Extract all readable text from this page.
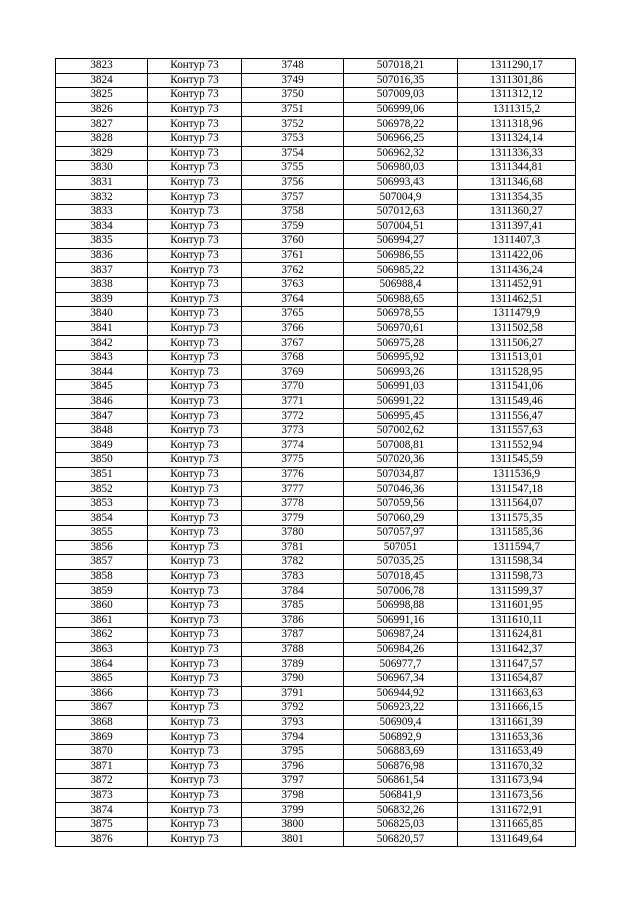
3823	Контур 73	3748	507018,21	1311290,17
3824	Контур 73	3749	507016,35	1311301,86
3825	Контур 73	3750	507009,03	1311312,12
3826	Контур 73	3751	506999,06	1311315,2
3827	Контур 73	3752	506978,22	1311318,96
3828	Контур 73	3753	506966,25	1311324,14
3829	Контур 73	3754	506962,32	1311336,33
3830	Контур 73	3755	506980,03	1311344,81
3831	Контур 73	3756	506993,43	1311346,68
3832	Контур 73	3757	507004,9	1311354,35
3833	Контур 73	3758	507012,63	1311360,27
3834	Контур 73	3759	507004,51	1311397,41
3835	Контур 73	3760	506994,27	1311407,3
3836	Контур 73	3761	506986,55	1311422,06
3837	Контур 73	3762	506985,22	1311436,24
3838	Контур 73	3763	506988,4	1311452,91
3839	Контур 73	3764	506988,65	1311462,51
3840	Контур 73	3765	506978,55	1311479,9
3841	Контур 73	3766	506970,61	1311502,58
3842	Контур 73	3767	506975,28	1311506,27
3843	Контур 73	3768	506995,92	1311513,01
3844	Контур 73	3769	506993,26	1311528,95
3845	Контур 73	3770	506991,03	1311541,06
3846	Контур 73	3771	506991,22	1311549,46
3847	Контур 73	3772	506995,45	1311556,47
3848	Контур 73	3773	507002,62	1311557,63
3849	Контур 73	3774	507008,81	1311552,94
3850	Контур 73	3775	507020,36	1311545,59
3851	Контур 73	3776	507034,87	1311536,9
3852	Контур 73	3777	507046,36	1311547,18
3853	Контур 73	3778	507059,56	1311564,07
3854	Контур 73	3779	507060,29	1311575,35
3855	Контур 73	3780	507057,97	1311585,36
3856	Контур 73	3781	507051	1311594,7
3857	Контур 73	3782	507035,25	1311598,34
3858	Контур 73	3783	507018,45	1311598,73
3859	Контур 73	3784	507006,78	1311599,37
3860	Контур 73	3785	506998,88	1311601,95
3861	Контур 73	3786	506991,16	1311610,11
3862	Контур 73	3787	506987,24	1311624,81
3863	Контур 73	3788	506984,26	1311642,37
3864	Контур 73	3789	506977,7	1311647,57
3865	Контур 73	3790	506967,34	1311654,87
3866	Контур 73	3791	506944,92	1311663,63
3867	Контур 73	3792	506923,22	1311666,15
3868	Контур 73	3793	506909,4	1311661,39
3869	Контур 73	3794	506892,9	1311653,36
3870	Контур 73	3795	506883,69	1311653,49
3871	Контур 73	3796	506876,98	1311670,32
3872	Контур 73	3797	506861,54	1311673,94
3873	Контур 73	3798	506841,9	1311673,56
3874	Контур 73	3799	506832,26	1311672,91
3875	Контур 73	3800	506825,03	1311665,85
3876	Контур 73	3801	506820,57	1311649,64
